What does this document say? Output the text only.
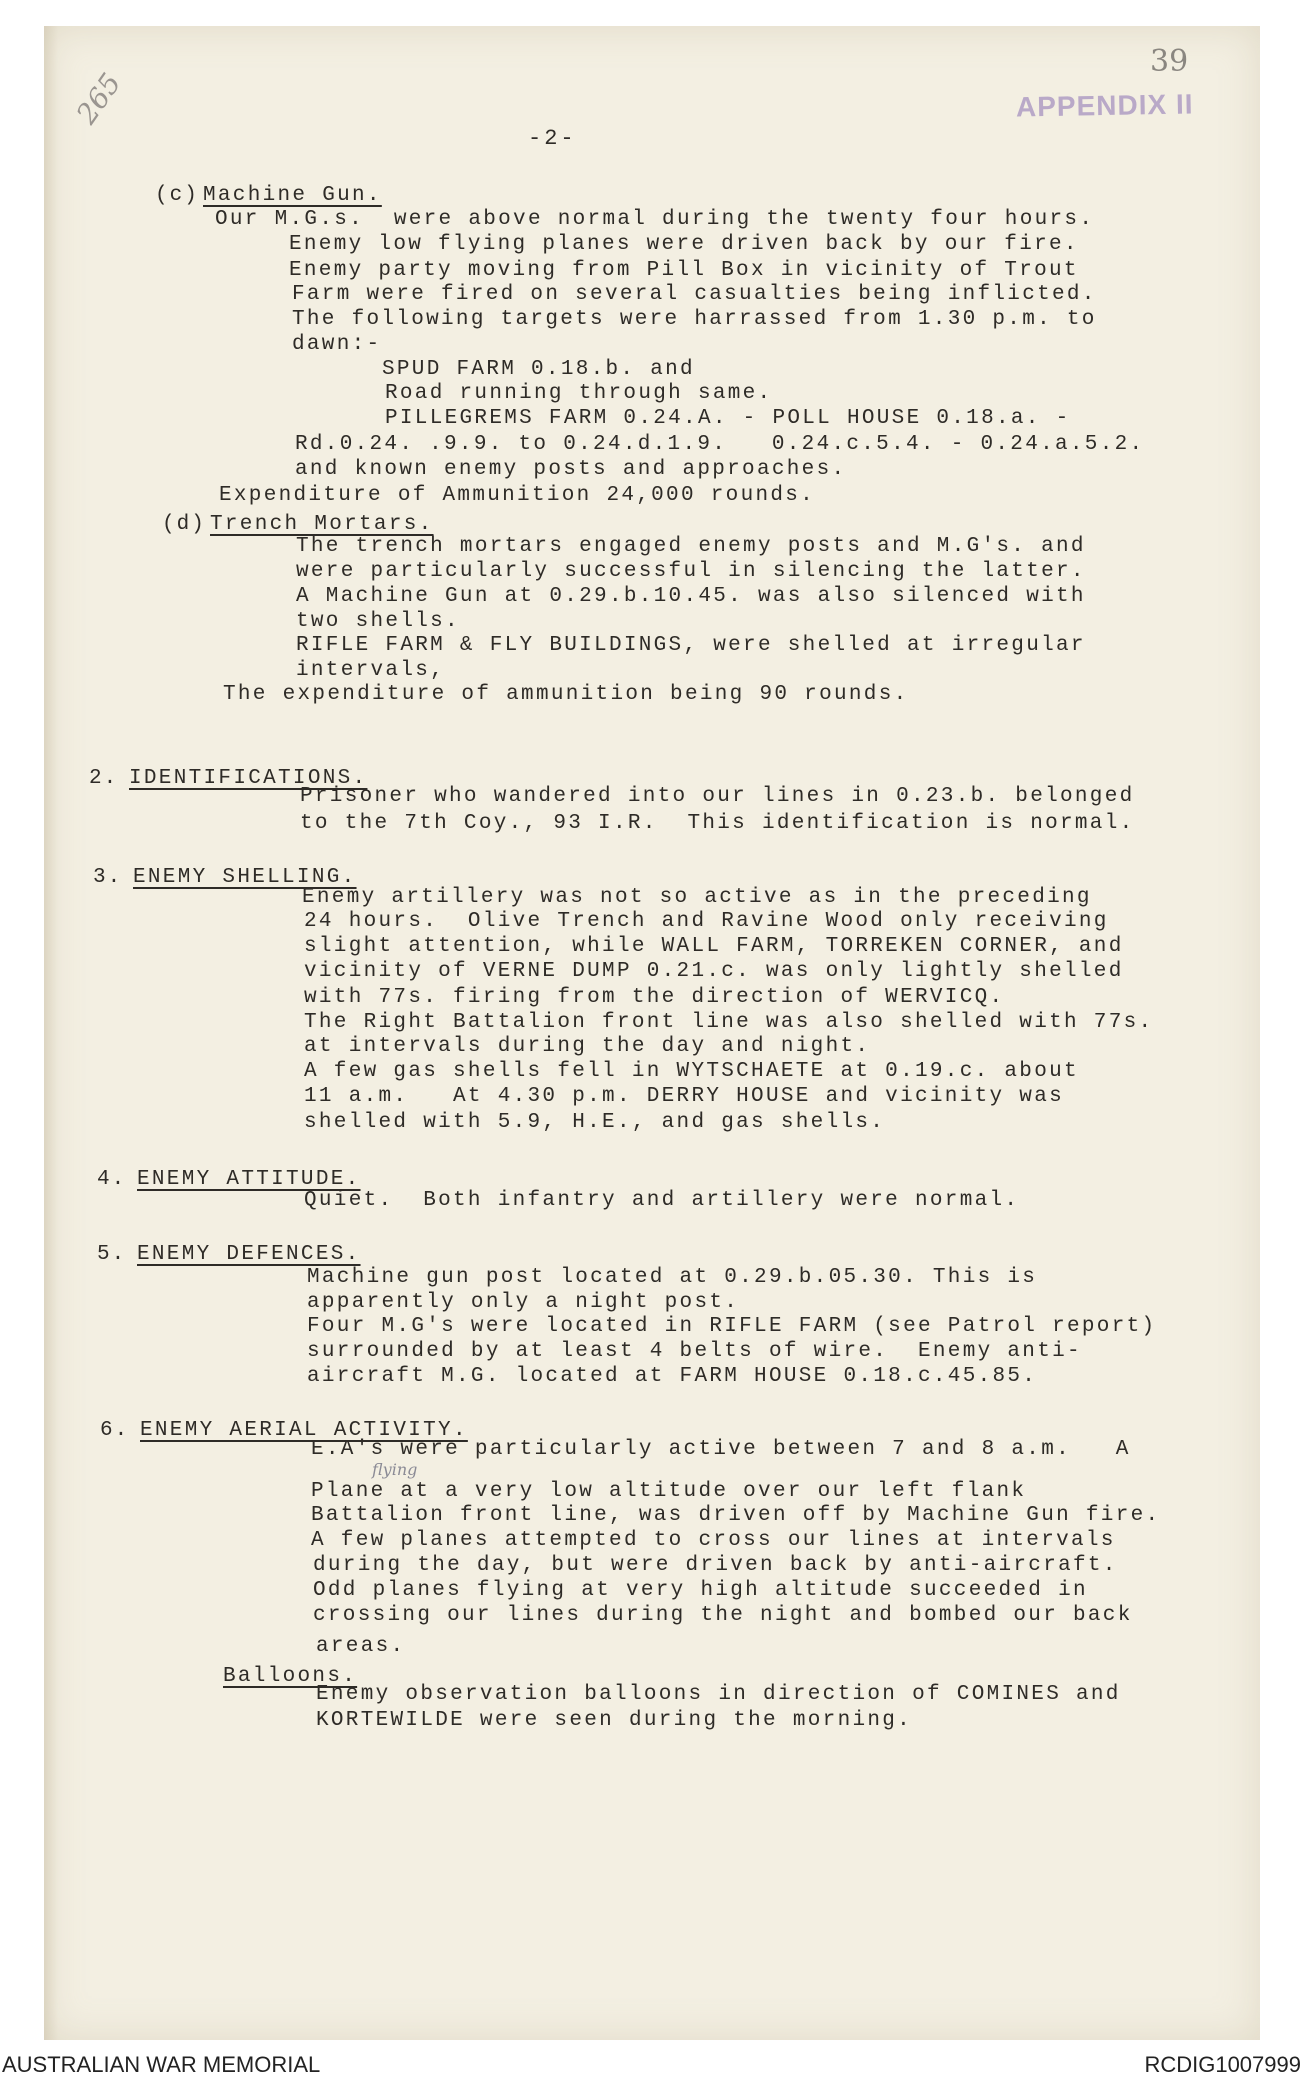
265
39
APPENDIX II
-2-
flying
(c) Machine Gun.
Our M.G.s.  were above normal during the twenty four hours.
Enemy low flying planes were driven back by our fire.
Enemy party moving from Pill Box in vicinity of Trout
Farm were fired on several casualties being inflicted.
The following targets were harrassed from 1.30 p.m. to
dawn:-
SPUD FARM 0.18.b. and
Road running through same.
PILLEGREMS FARM 0.24.A. - POLL HOUSE 0.18.a. -
Rd.0.24. .9.9. to 0.24.d.1.9.   0.24.c.5.4. - 0.24.a.5.2.
and known enemy posts and approaches.
Expenditure of Ammunition 24,000 rounds.
(d) Trench Mortars.
The trench mortars engaged enemy posts and M.G's. and
were particularly successful in silencing the latter.
A Machine Gun at 0.29.b.10.45. was also silenced with
two shells.
RIFLE FARM & FLY BUILDINGS, were shelled at irregular
intervals,
The expenditure of ammunition being 90 rounds.
2. IDENTIFICATIONS.
Prisoner who wandered into our lines in 0.23.b. belonged
to the 7th Coy., 93 I.R.  This identification is normal.
3. ENEMY SHELLING.
Enemy artillery was not so active as in the preceding
24 hours.  Olive Trench and Ravine Wood only receiving
slight attention, while WALL FARM, TORREKEN CORNER, and
vicinity of VERNE DUMP 0.21.c. was only lightly shelled
with 77s. firing from the direction of WERVICQ.
The Right Battalion front line was also shelled with 77s.
at intervals during the day and night.
A few gas shells fell in WYTSCHAETE at 0.19.c. about
11 a.m.   At 4.30 p.m. DERRY HOUSE and vicinity was
shelled with 5.9, H.E., and gas shells.
4. ENEMY ATTITUDE.
Quiet.  Both infantry and artillery were normal.
5. ENEMY DEFENCES.
Machine gun post located at 0.29.b.05.30. This is
apparently only a night post.
Four M.G's were located in RIFLE FARM (see Patrol report)
surrounded by at least 4 belts of wire.  Enemy anti-
aircraft M.G. located at FARM HOUSE 0.18.c.45.85.
6. ENEMY AERIAL ACTIVITY.
E.A's were particularly active between 7 and 8 a.m.   A
Plane at a very low altitude over our left flank
Battalion front line, was driven off by Machine Gun fire.
A few planes attempted to cross our lines at intervals
during the day, but were driven back by anti-aircraft.
Odd planes flying at very high altitude succeeded in
crossing our lines during the night and bombed our back
areas.
Balloons.
Enemy observation balloons in direction of COMINES and
KORTEWILDE were seen during the morning.
AUSTRALIAN WAR MEMORIAL	RCDIG1007999
